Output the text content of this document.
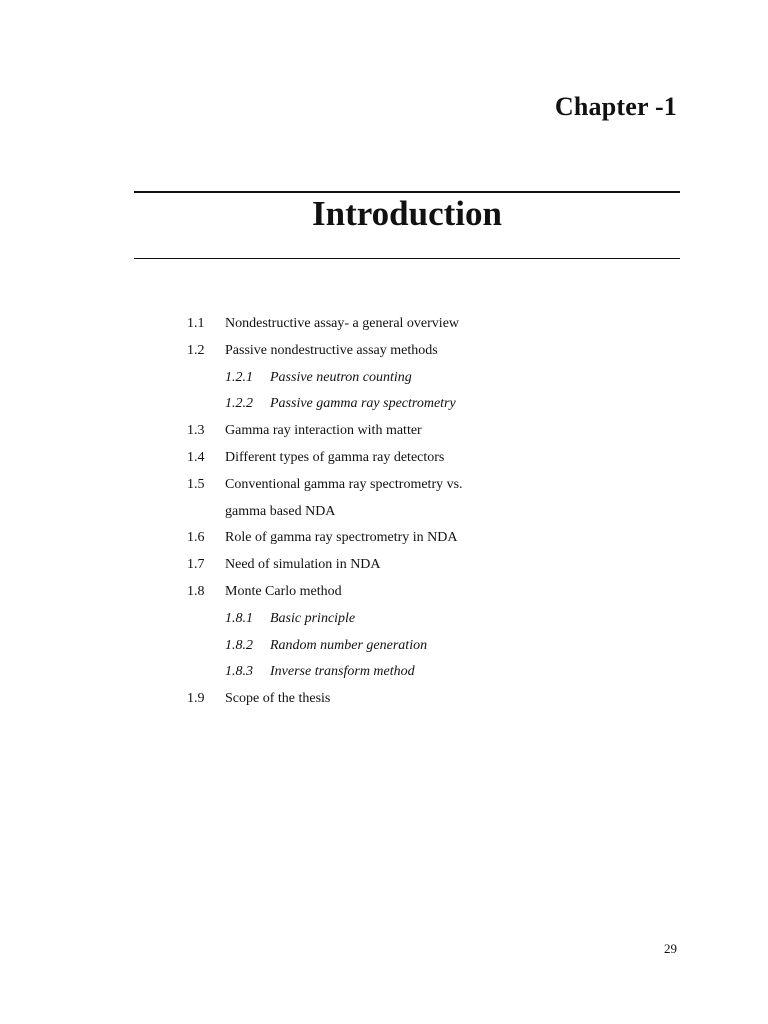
Chapter -1
Introduction
1.1 Nondestructive assay- a general overview
1.2 Passive nondestructive assay methods
1.2.1 Passive neutron counting
1.2.2 Passive gamma ray spectrometry
1.3 Gamma ray interaction with matter
1.4 Different types of gamma ray detectors
1.5 Conventional gamma ray spectrometry vs.
gamma based NDA
1.6 Role of gamma ray spectrometry in NDA
1.7 Need of simulation in NDA
1.8 Monte Carlo method
1.8.1 Basic principle
1.8.2 Random number generation
1.8.3 Inverse transform method
1.9 Scope of the thesis
29
